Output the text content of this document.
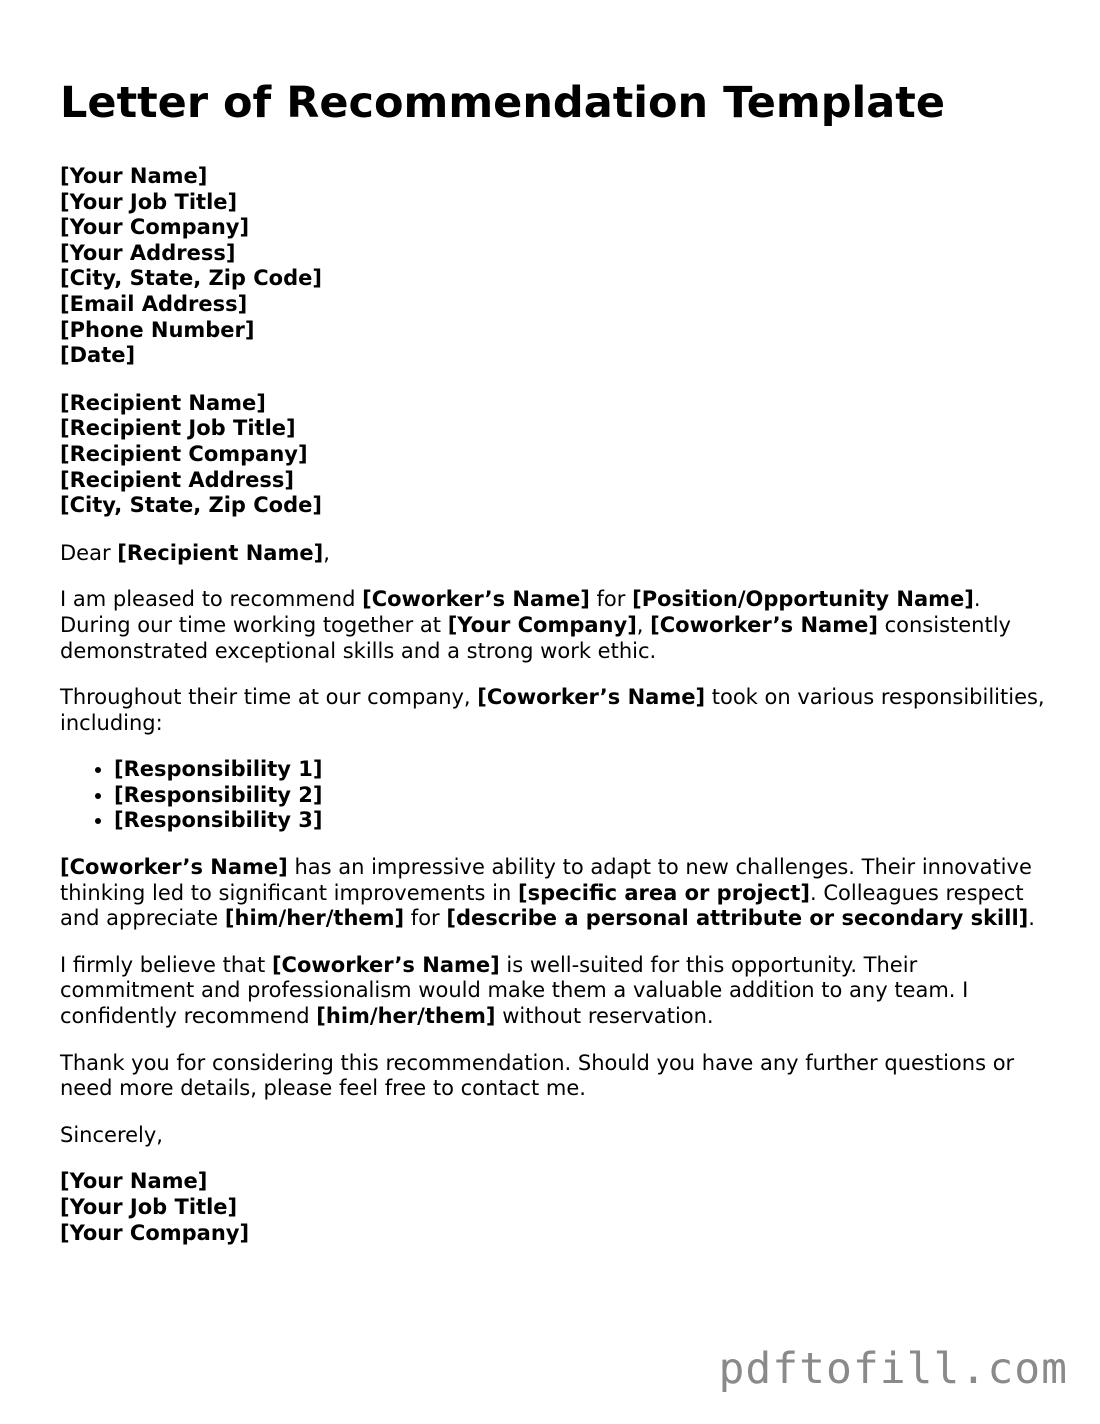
Letter of Recommendation Template
[Your Name]
[Your Job Title]
[Your Company]
[Your Address]
[City, State, Zip Code]
[Email Address]
[Phone Number]
[Date]
[Recipient Name]
[Recipient Job Title]
[Recipient Company]
[Recipient Address]
[City, State, Zip Code]

Dear [Recipient Name],

I am pleased to recommend [Coworker’s Name] for [Position/Opportunity Name]. During our time working together at [Your Company], [Coworker’s Name] consistently demonstrated exceptional skills and a strong work ethic.

Throughout their time at our company, [Coworker’s Name] took on various responsibilities, including:

• [Responsibility 1]
• [Responsibility 2]
• [Responsibility 3]

[Coworker’s Name] has an impressive ability to adapt to new challenges. Their innovative thinking led to significant improvements in [specific area or project]. Colleagues respect and appreciate [him/her/them] for [describe a personal attribute or secondary skill].

I firmly believe that [Coworker’s Name] is well-suited for this opportunity. Their commitment and professionalism would make them a valuable addition to any team. I confidently recommend [him/her/them] without reservation.

Thank you for considering this recommendation. Should you have any further questions or need more details, please feel free to contact me.

Sincerely,

[Your Name]
[Your Job Title]
[Your Company]
pdftofill.com
